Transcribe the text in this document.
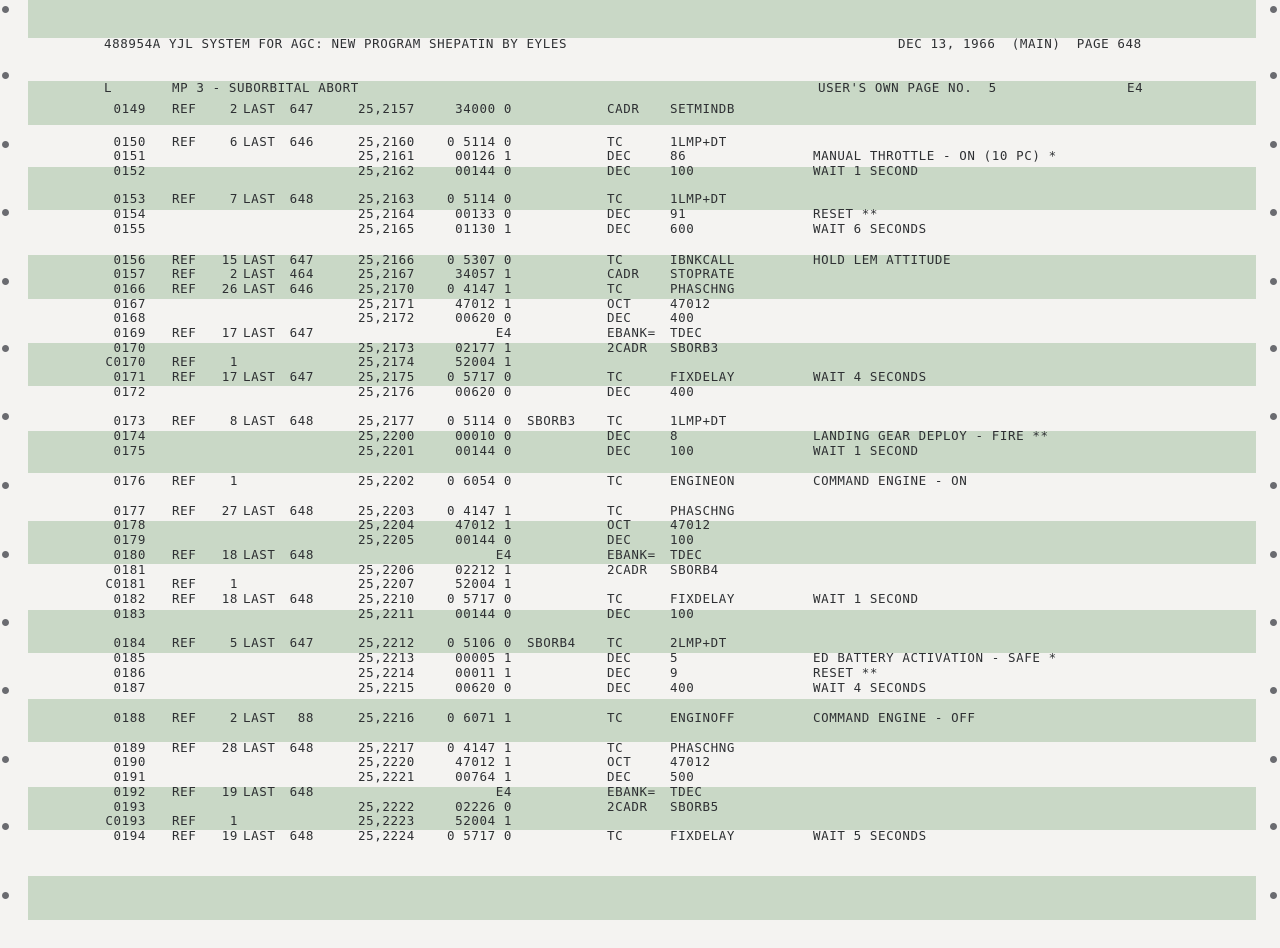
488954A YJL SYSTEM FOR AGC: NEW PROGRAM SHEPATIN BY EYLES	DEC 13, 1966  (MAIN)  PAGE 648
L	MP 3 - SUBORBITAL ABORT	USER'S OWN PAGE NO.  5	E4
0149 REF	2 LAST 647	25,2157	34000 0	CADR SETMINDB
0150 REF	6 LAST 646	25,2160	0 5114 0	TC	1LMP+DT
0151	25,2161	00126 1	DEC	86	MANUAL THROTTLE - ON (10 PC) *
0152	25,2162	00144 0	DEC	100	WAIT 1 SECOND
0153 REF	7 LAST 648	25,2163	0 5114 0	TC	1LMP+DT
0154	25,2164	00133 0	DEC	91	RESET **
0155	25,2165	01130 1	DEC	600	WAIT 6 SECONDS
0156 REF	15 LAST 647	25,2166	0 5307 0	TC	IBNKCALL	HOLD LEM ATTITUDE
0157 REF	2 LAST 464	25,2167	34057 1	CADR STOPRATE
0166 REF	26 LAST 646	25,2170	0 4147 1	TC	PHASCHNG
0167	25,2171	47012 1	OCT	47012
0168	25,2172	00620 0	DEC	400
0169 REF	17 LAST 647	E4	EBANK= TDEC
0170	25,2173	02177 1	2CADR SBORB3
C0170 REF	1	25,2174	52004 1
0171 REF	17 LAST 647	25,2175	0 5717 0	TC	FIXDELAY	WAIT 4 SECONDS
0172	25,2176	00620 0	DEC	400
0173 REF	8 LAST 648	25,2177	0 5114 0 SBORB3 TC	1LMP+DT
0174	25,2200	00010 0	DEC	8	LANDING GEAR DEPLOY - FIRE **
0175	25,2201	00144 0	DEC	100	WAIT 1 SECOND
0176 REF	1	25,2202	0 6054 0	TC	ENGINEON	COMMAND ENGINE - ON
0177 REF	27 LAST 648	25,2203	0 4147 1	TC	PHASCHNG
0178	25,2204	47012 1	OCT	47012
0179	25,2205	00144 0	DEC	100
0180 REF	18 LAST 648	E4	EBANK= TDEC
0181	25,2206	02212 1	2CADR SBORB4
C0181 REF	1	25,2207	52004 1
0182 REF	18 LAST 648	25,2210	0 5717 0	TC	FIXDELAY	WAIT 1 SECOND
0183	25,2211	00144 0	DEC	100
0184 REF	5 LAST 647	25,2212	0 5106 0 SBORB4 TC	2LMP+DT
0185	25,2213	00005 1	DEC	5	ED BATTERY ACTIVATION - SAFE *
0186	25,2214	00011 1	DEC	9	RESET **
0187	25,2215	00620 0	DEC	400	WAIT 4 SECONDS
0188 REF	2 LAST	88	25,2216	0 6071 1	TC	ENGINOFF	COMMAND ENGINE - OFF
0189 REF	28 LAST 648	25,2217	0 4147 1	TC	PHASCHNG
0190	25,2220	47012 1	OCT	47012
0191	25,2221	00764 1	DEC	500
0192 REF	19 LAST 648	E4	EBANK= TDEC
0193	25,2222	02226 0	2CADR SBORB5
C0193 REF	1	25,2223	52004 1
0194 REF	19 LAST 648	25,2224	0 5717 0	TC	FIXDELAY	WAIT 5 SECONDS
